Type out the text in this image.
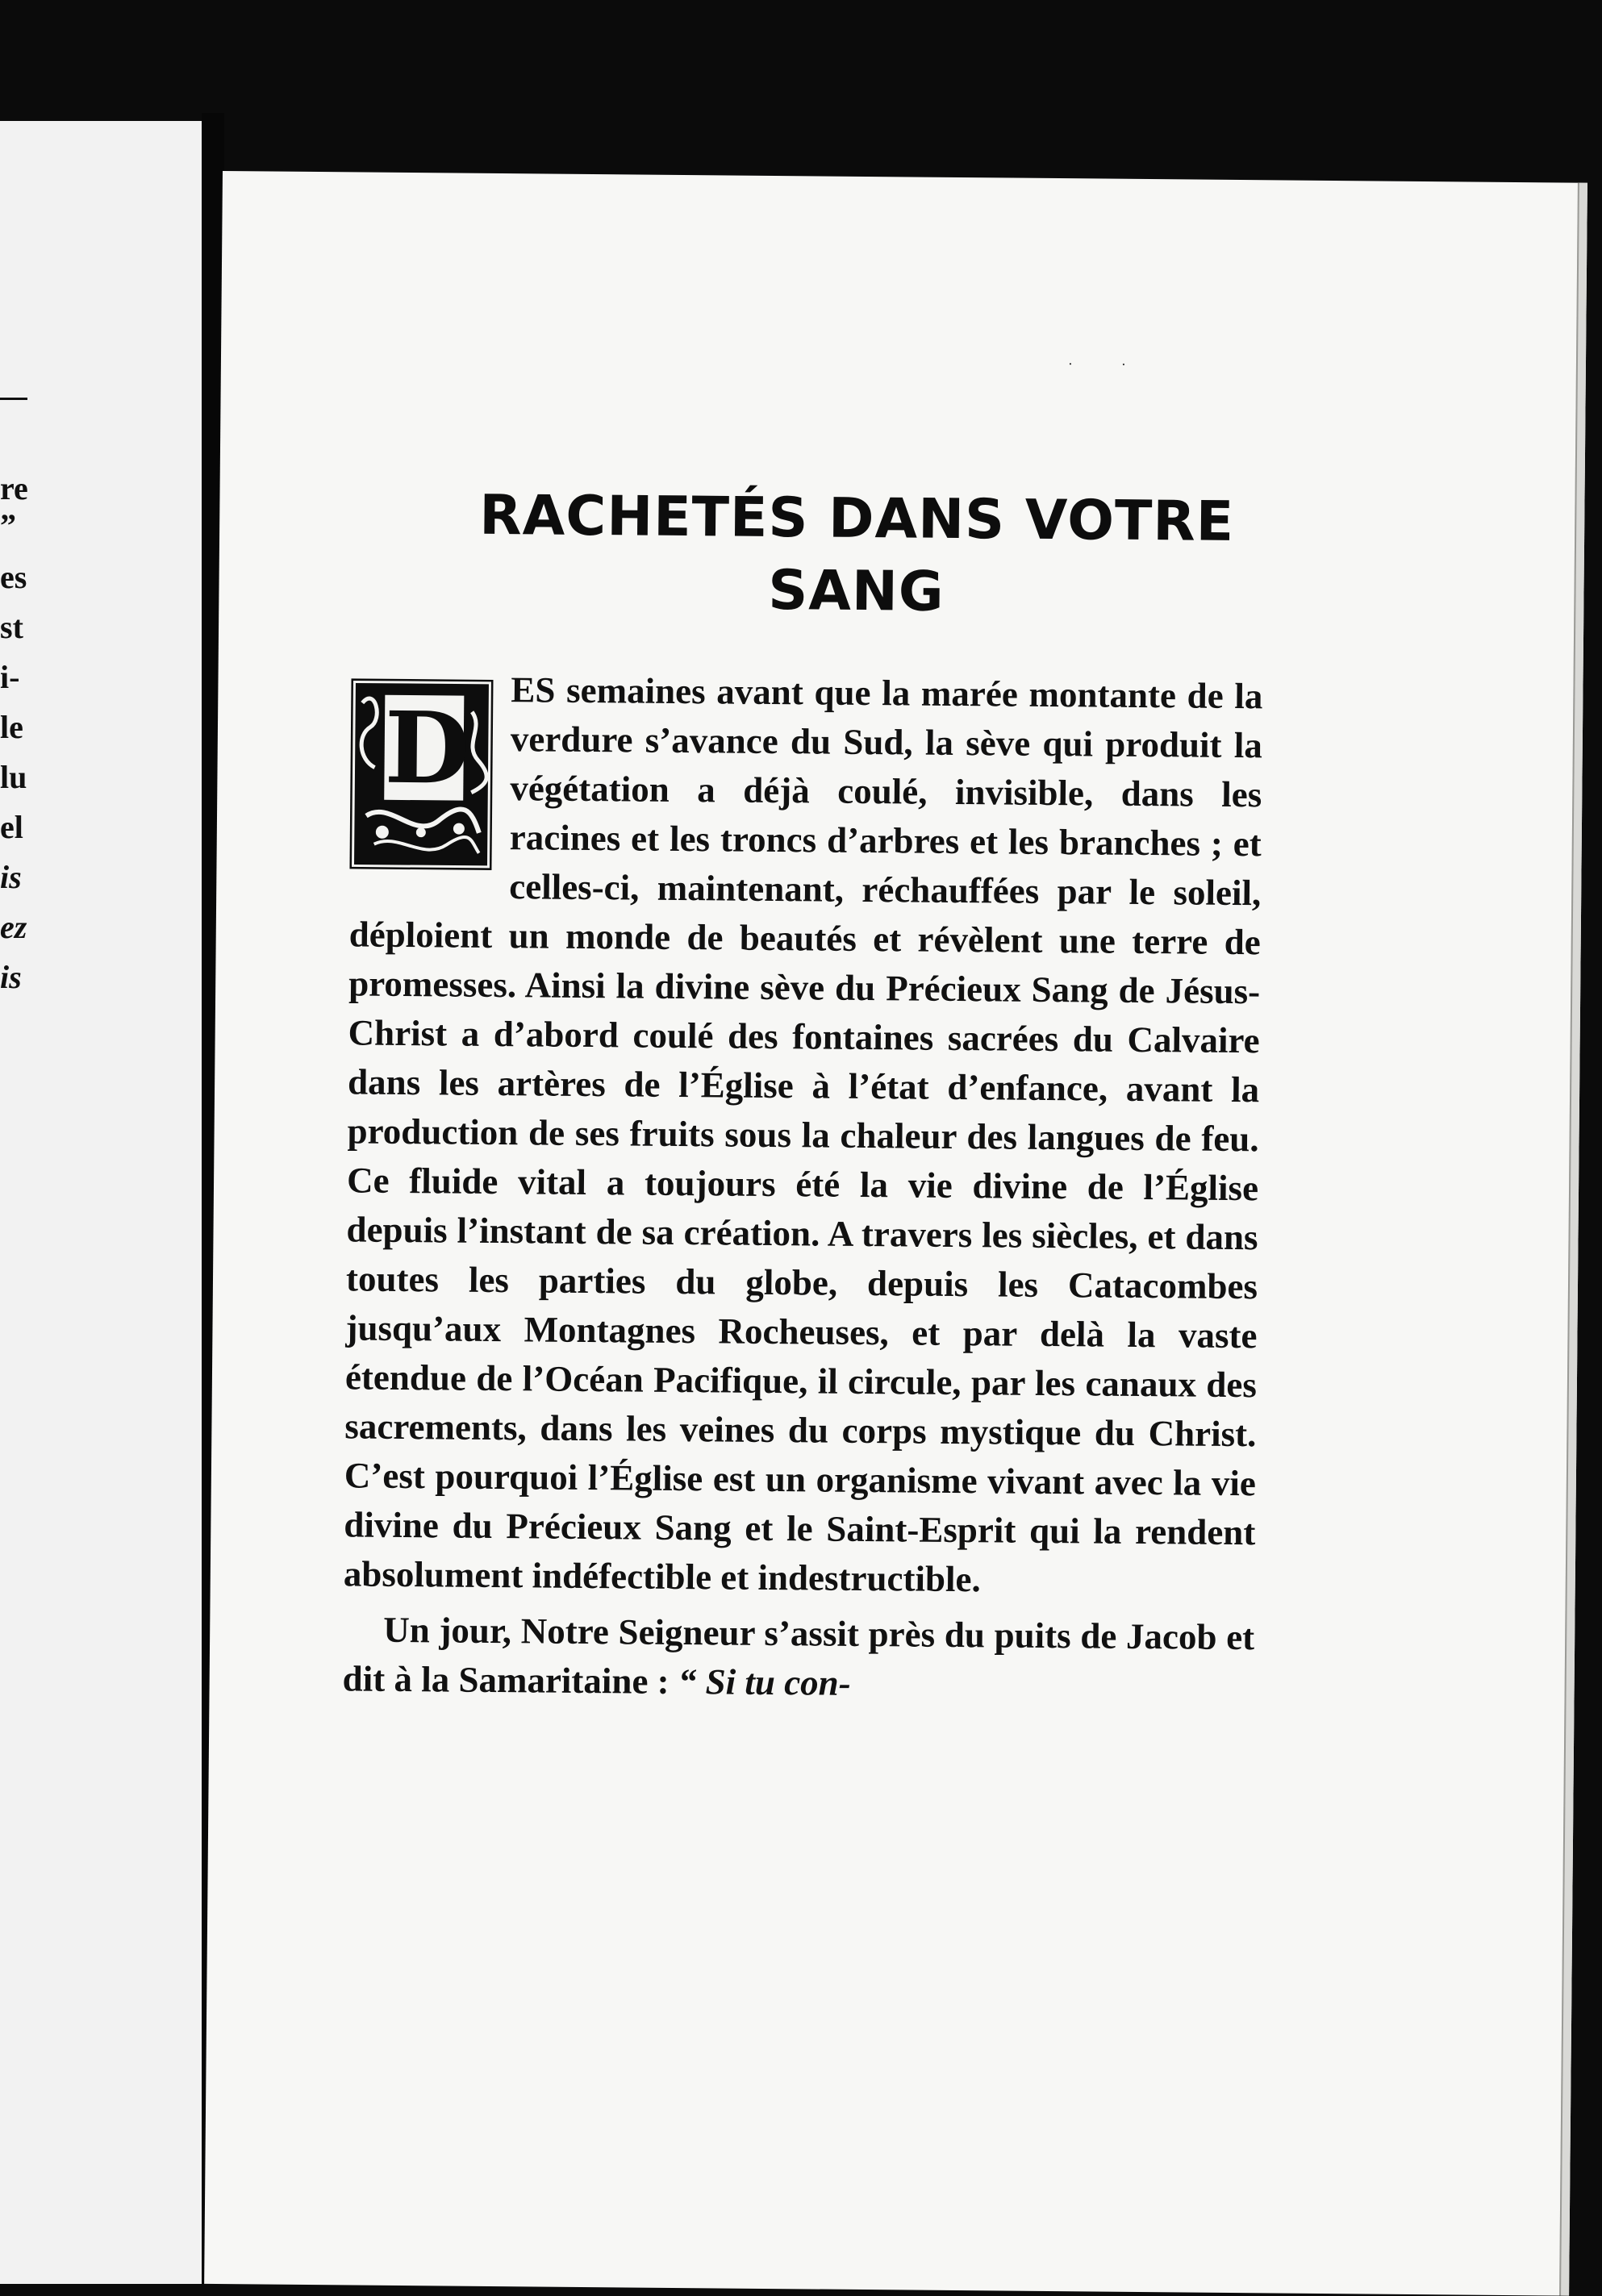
re
”
es
st
i-
le
lu
el
is
ez
is
··
RACHETÉS DANS VOTRE
SANG

D ES semaines avant que la marée montante de la verdure s’avance du Sud, la sève qui produit la végétation a déjà coulé, invisible, dans les racines et les troncs d’arbres et les branches ; et celles-ci, maintenant, réchauffées par le soleil, déploient un monde de beautés et révèlent une terre de promesses. Ainsi la divine sève du Précieux Sang de Jésus-Christ a d’abord coulé des fontaines sacrées du Calvaire dans les artères de l’Église à l’état d’enfance, avant la production de ses fruits sous la chaleur des langues de feu. Ce fluide vital a toujours été la vie divine de l’Église depuis l’instant de sa création. A travers les siècles, et dans toutes les parties du globe, depuis les Catacombes jusqu’aux Montagnes Rocheuses, et par delà la vaste étendue de l’Océan Pacifique, il circule, par les canaux des sacrements, dans les veines du corps mystique du Christ. C’est pourquoi l’Église est un organisme vivant avec la vie divine du Précieux Sang et le Saint-Esprit qui la rendent absolument indéfectible et indestructible.

Un jour, Notre Seigneur s’assit près du puits de Jacob et dit à la Samaritaine : “ Si tu con-
